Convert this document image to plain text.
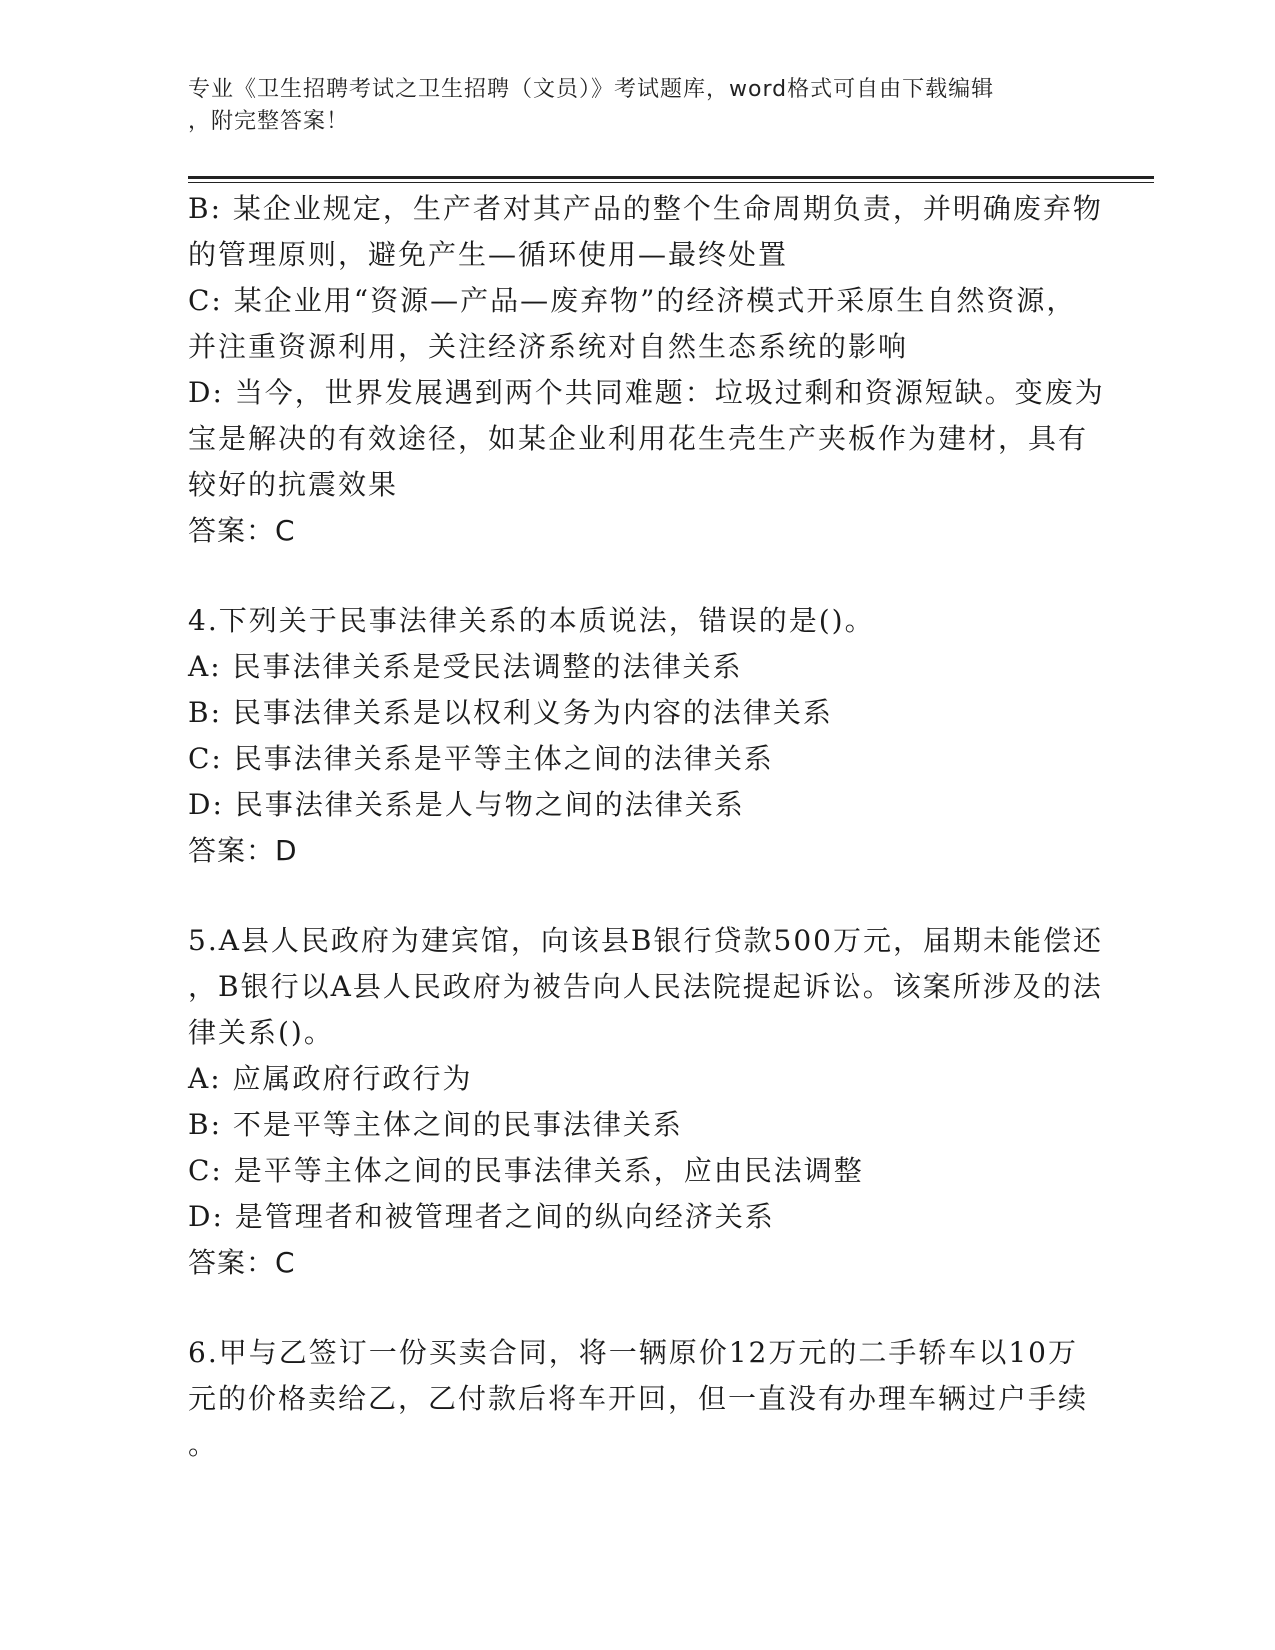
专业《卫生招聘考试之卫生招聘（文员）》考试题库，word格式可自由下载编辑
，附完整答案！
B: 某企业规定，生产者对其产品的整个生命周期负责，并明确废弃物
的管理原则，避免产生—循环使用—最终处置
C: 某企业用“资源—产品—废弃物”的经济模式开采原生自然资源，
并注重资源利用，关注经济系统对自然生态系统的影响
D: 当今，世界发展遇到两个共同难题：垃圾过剩和资源短缺。变废为
宝是解决的有效途径，如某企业利用花生壳生产夹板作为建材，具有
较好的抗震效果
答案：C
4.下列关于民事法律关系的本质说法，错误的是()。
A: 民事法律关系是受民法调整的法律关系
B: 民事法律关系是以权利义务为内容的法律关系
C: 民事法律关系是平等主体之间的法律关系
D: 民事法律关系是人与物之间的法律关系
答案：D
5.A县人民政府为建宾馆，向该县B银行贷款500万元，届期未能偿还
，B银行以A县人民政府为被告向人民法院提起诉讼。该案所涉及的法
律关系()。
A: 应属政府行政行为
B: 不是平等主体之间的民事法律关系
C: 是平等主体之间的民事法律关系，应由民法调整
D: 是管理者和被管理者之间的纵向经济关系
答案：C
6.甲与乙签订一份买卖合同，将一辆原价12万元的二手轿车以10万
元的价格卖给乙，乙付款后将车开回，但一直没有办理车辆过户手续
。
